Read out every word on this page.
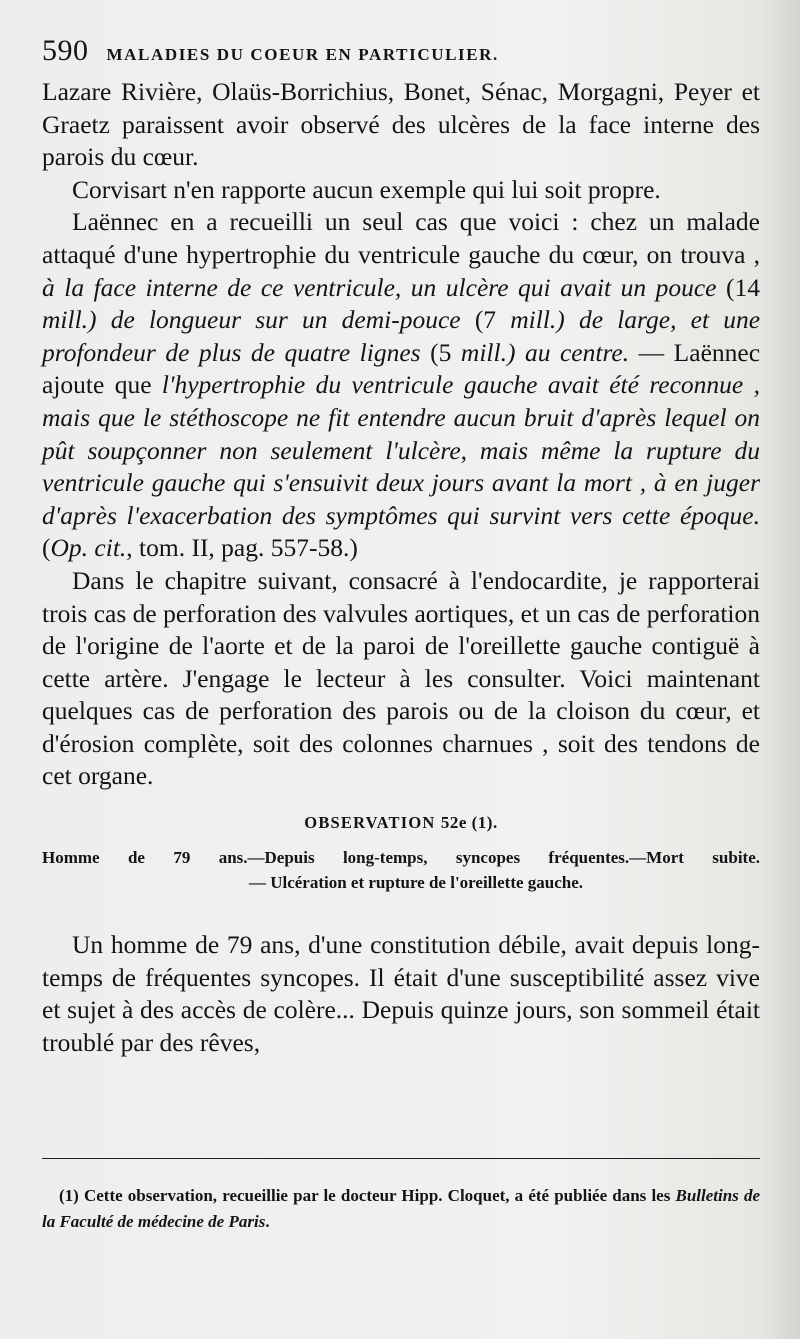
590 MALADIES DU COEUR EN PARTICULIER.

Lazare Rivière, Olaüs-Borrichius, Bonet, Sénac, Morgagni, Peyer et Graetz paraissent avoir observé des ulcères de la face interne des parois du cœur.

Corvisart n'en rapporte aucun exemple qui lui soit propre.

Laënnec en a recueilli un seul cas que voici : chez un malade attaqué d'une hypertrophie du ventricule gauche du cœur, on trouva , à la face interne de ce ventricule, un ulcère qui avait un pouce (14 mill.) de longueur sur un demi-pouce (7 mill.) de large, et une profondeur de plus de quatre lignes (5 mill.) au centre. — Laënnec ajoute que l'hypertrophie du ventricule gauche avait été reconnue , mais que le stéthoscope ne fit entendre aucun bruit d'après lequel on pût soupçonner non seulement l'ulcère, mais même la rupture du ventricule gauche qui s'ensuivit deux jours avant la mort , à en juger d'après l'exacerbation des symptômes qui survint vers cette époque. (Op. cit., tom. II, pag. 557-58.)

Dans le chapitre suivant, consacré à l'endocardite, je rapporterai trois cas de perforation des valvules aortiques, et un cas de perforation de l'origine de l'aorte et de la paroi de l'oreillette gauche contiguë à cette artère. J'engage le lecteur à les consulter. Voici maintenant quelques cas de perforation des parois ou de la cloison du cœur, et d'érosion complète, soit des colonnes charnues , soit des tendons de cet organe.

OBSERVATION 52e (1).

Homme de 79 ans.—Depuis long-temps, syncopes fréquentes.—Mort subite.

— Ulcération et rupture de l'oreillette gauche.

Un homme de 79 ans, d'une constitution débile, avait depuis long-temps de fréquentes syncopes. Il était d'une susceptibilité assez vive et sujet à des accès de colère... Depuis quinze jours, son sommeil était troublé par des rêves,

(1) Cette observation, recueillie par le docteur Hipp. Cloquet, a été publiée dans les Bulletins de la Faculté de médecine de Paris.
